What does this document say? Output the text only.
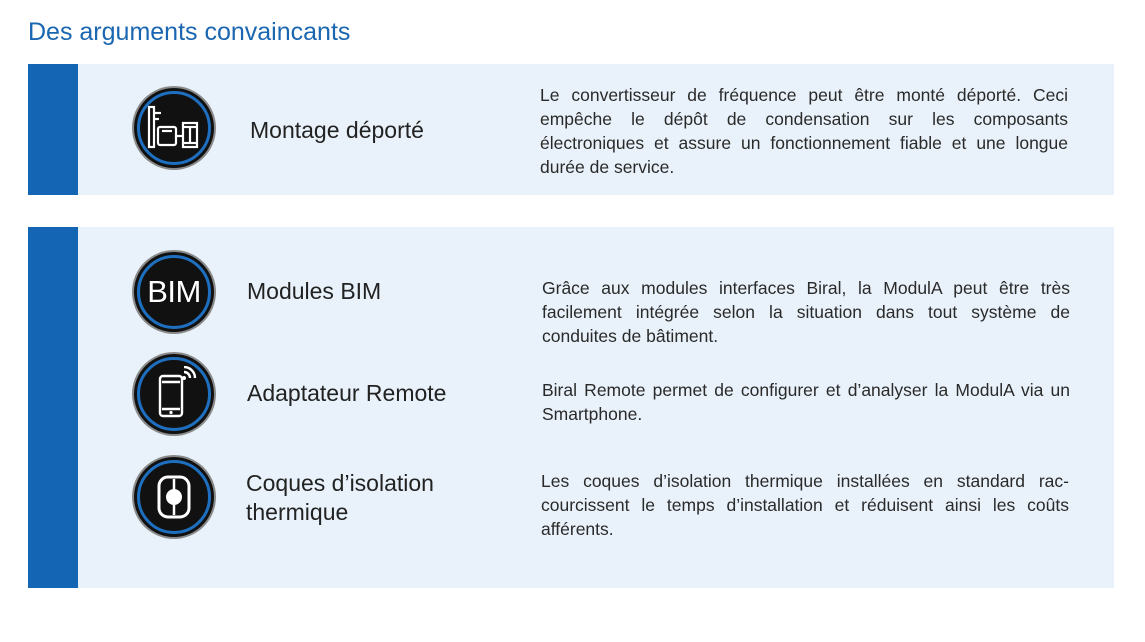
Des arguments convaincants
Montage déporté
Le convertisseur de fréquence peut être monté déporté. Ceci empêche le dépôt de condensation sur les composants électroniques et assure un fonctionnement fiable et une longue durée de service.
BIM Modules BIM	Grâce aux modules interfaces Biral, la ModulA peut être très facilement intégrée selon la situation dans tout système de conduites de bâtiment.
Adaptateur Remote	Biral Remote permet de configurer et d’analyser la ModulA via un Smartphone.
Coques d’isolation
thermique
Les coques d’isolation thermique installées en standard rac-
courcissent le temps d’installation et réduisent ainsi les coûts
afférents.
